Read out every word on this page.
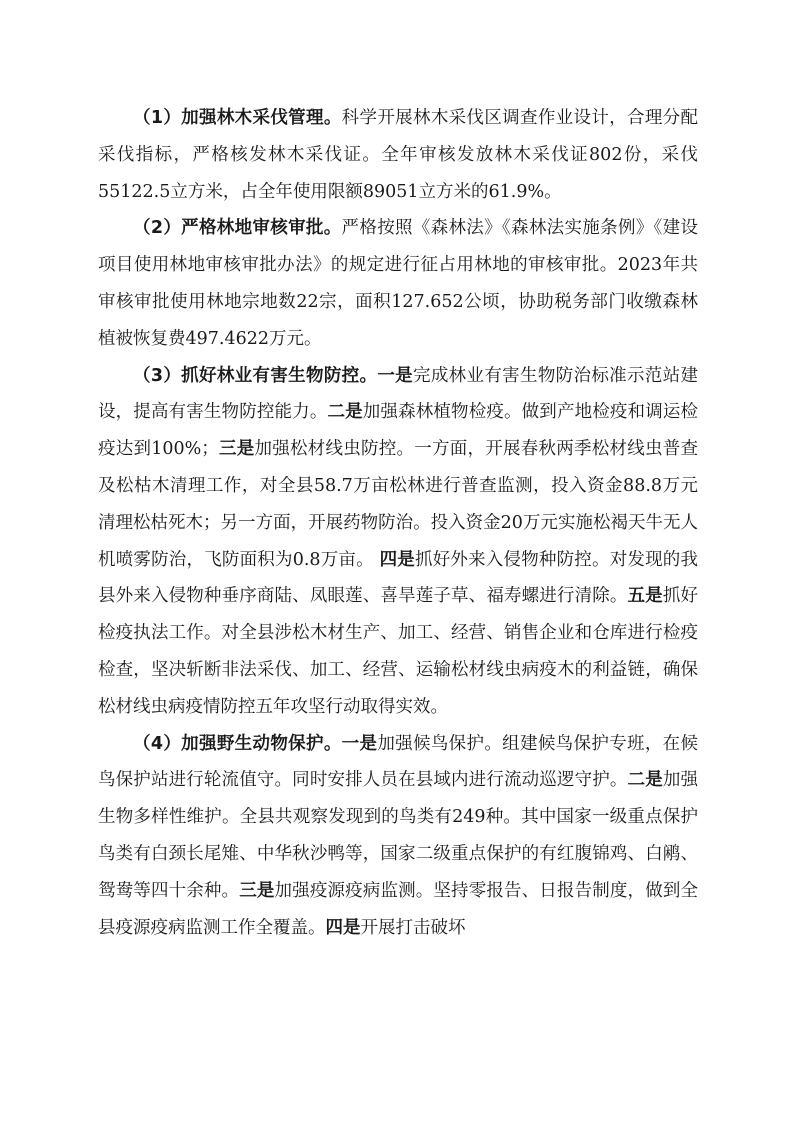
（1）加强林木采伐管理。科学开展林木采伐区调查作业设计，合理分配采伐指标，严格核发林木采伐证。全年审核发放林木采伐证802份，采伐55122.5立方米，占全年使用限额89051立方米的61.9%。

（2）严格林地审核审批。严格按照《森林法》《森林法实施条例》《建设项目使用林地审核审批办法》的规定进行征占用林地的审核审批。2023年共审核审批使用林地宗地数22宗，面积127.652公顷，协助税务部门收缴森林植被恢复费497.4622万元。

（3）抓好林业有害生物防控。一是完成林业有害生物防治标准示范站建设，提高有害生物防控能力。二是加强森林植物检疫。做到产地检疫和调运检疫达到100%；三是加强松材线虫防控。一方面，开展春秋两季松材线虫普查及松枯木清理工作，对全县58.7万亩松林进行普查监测，投入资金88.8万元清理松枯死木；另一方面，开展药物防治。投入资金20万元实施松褐天牛无人机喷雾防治，飞防面积为0.8万亩。 四是抓好外来入侵物种防控。对发现的我县外来入侵物种垂序商陆、凤眼莲、喜旱莲子草、福寿螺进行清除。五是抓好检疫执法工作。对全县涉松木材生产、加工、经营、销售企业和仓库进行检疫检查，坚决斩断非法采伐、加工、经营、运输松材线虫病疫木的利益链，确保松材线虫病疫情防控五年攻坚行动取得实效。

（4）加强野生动物保护。一是加强候鸟保护。组建候鸟保护专班，在候鸟保护站进行轮流值守。同时安排人员在县域内进行流动巡逻守护。二是加强生物多样性维护。全县共观察发现到的鸟类有249种。其中国家一级重点保护鸟类有白颈长尾雉、中华秋沙鸭等，国家二级重点保护的有红腹锦鸡、白鹇、鸳鸯等四十余种。三是加强疫源疫病监测。坚持零报告、日报告制度，做到全县疫源疫病监测工作全覆盖。四是开展打击破坏
